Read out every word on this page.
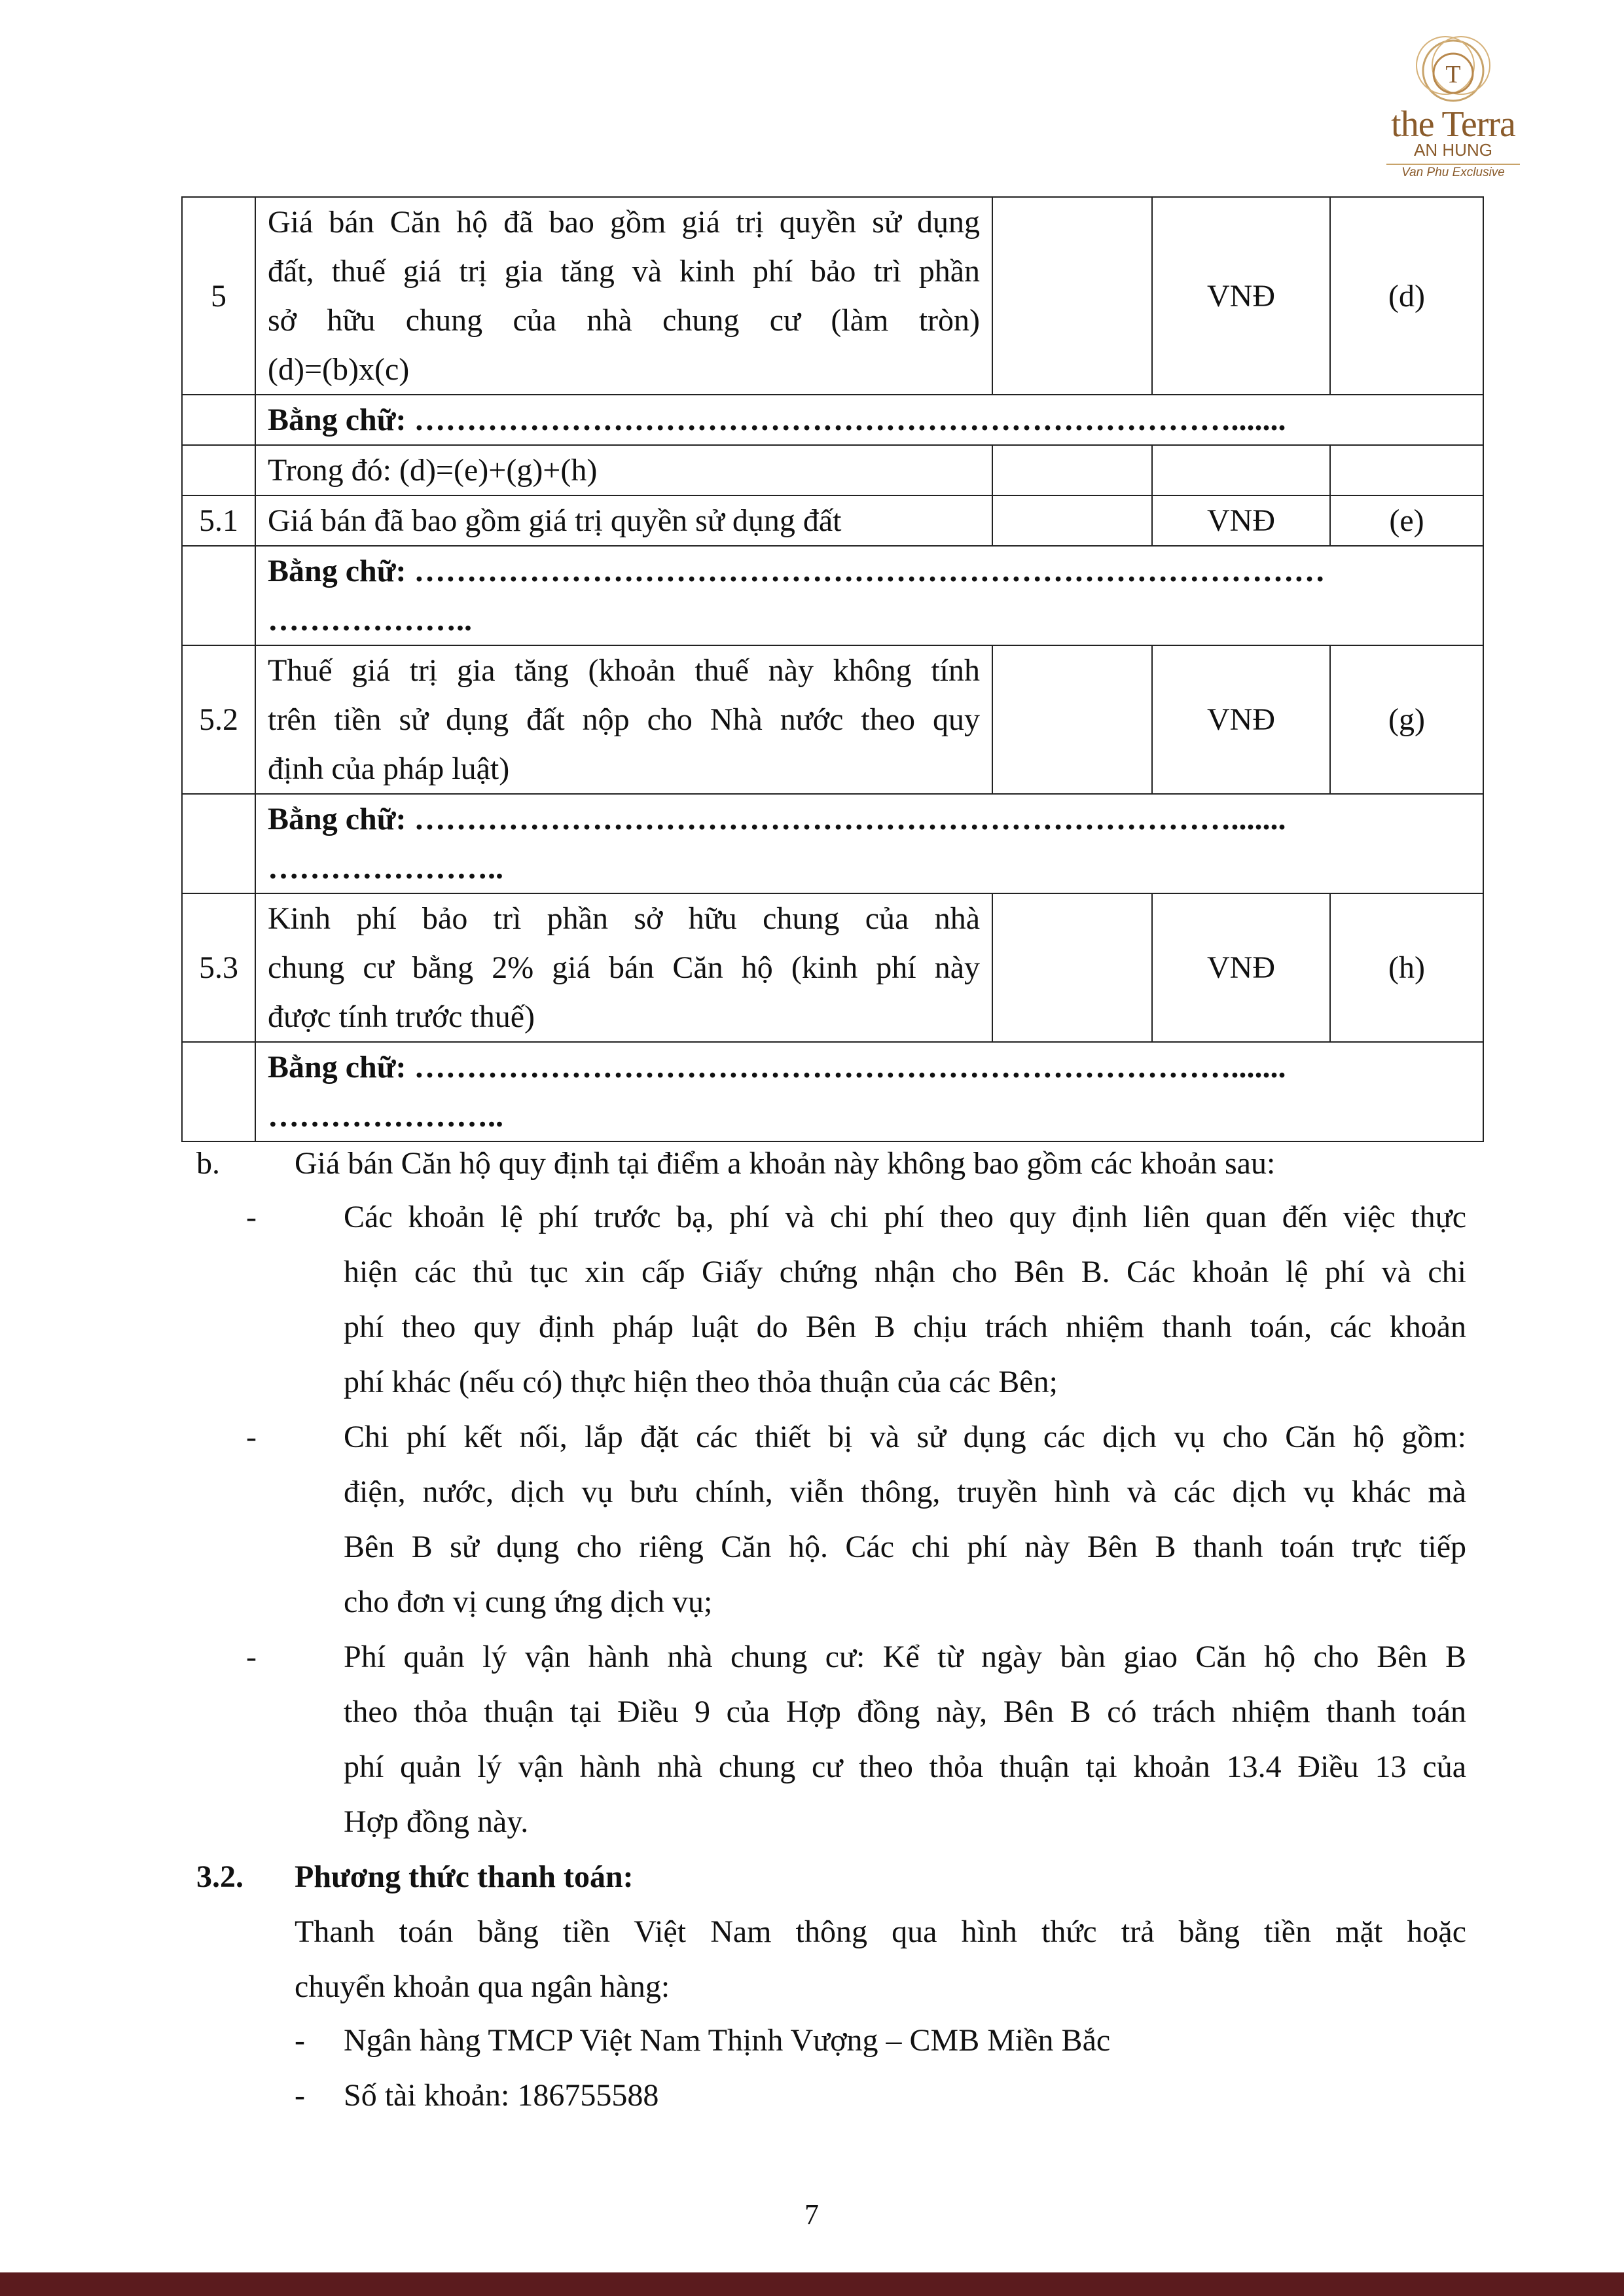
T
the Terra
AN HUNG
Van Phu Exclusive
5	Giá bán Căn hộ đã bao gồm giá trị quyền sử dụng
đất, thuế giá trị gia tăng và kinh phí bảo trì phần
sở hữu chung của nhà chung cư (làm tròn)
(d)=(b)x(c)		VNĐ	(d)
	Bằng chữ: …………………………………………………………………….......			
	Trong đó: (d)=(e)+(g)+(h)			
5.1	Giá bán đã bao gồm giá trị quyền sử dụng đất		VNĐ	(e)

	Bằng chữ: ……………………………………………………………………………
………………..			

5.2	Thuế giá trị gia tăng (khoản thuế này không tính
trên tiền sử dụng đất nộp cho Nhà nước theo quy
định của pháp luật)		VNĐ	(g)

	Bằng chữ: …………………………………………………………………….......
…………………..			

5.3	Kinh phí bảo trì phần sở hữu chung của nhà
chung cư bằng 2% giá bán Căn hộ (kinh phí này
được tính trước thuế)		VNĐ	(h)

	Bằng chữ: …………………………………………………………………….......
…………………..			
b. Giá bán Căn hộ quy định tại điểm a khoản này không bao gồm các khoản sau:
-	Các khoản lệ phí trước bạ, phí và chi phí theo quy định liên quan đến việc thực
hiện các thủ tục xin cấp Giấy chứng nhận cho Bên B. Các khoản lệ phí và chi
phí theo quy định pháp luật do Bên B chịu trách nhiệm thanh toán, các khoản
phí khác (nếu có) thực hiện theo thỏa thuận của các Bên;
-	Chi phí kết nối, lắp đặt các thiết bị và sử dụng các dịch vụ cho Căn hộ gồm:
điện, nước, dịch vụ bưu chính, viễn thông, truyền hình và các dịch vụ khác mà
Bên B sử dụng cho riêng Căn hộ. Các chi phí này Bên B thanh toán trực tiếp
cho đơn vị cung ứng dịch vụ;
-	Phí quản lý vận hành nhà chung cư: Kể từ ngày bàn giao Căn hộ cho Bên B
theo thỏa thuận tại Điều 9 của Hợp đồng này, Bên B có trách nhiệm thanh toán
phí quản lý vận hành nhà chung cư theo thỏa thuận tại khoản 13.4 Điều 13 của
Hợp đồng này.
3.2. Phương thức thanh toán:
Thanh toán bằng tiền Việt Nam thông qua hình thức trả bằng tiền mặt hoặc
chuyển khoản qua ngân hàng:
- Ngân hàng TMCP Việt Nam Thịnh Vượng – CMB Miền Bắc
- Số tài khoản: 186755588
7
